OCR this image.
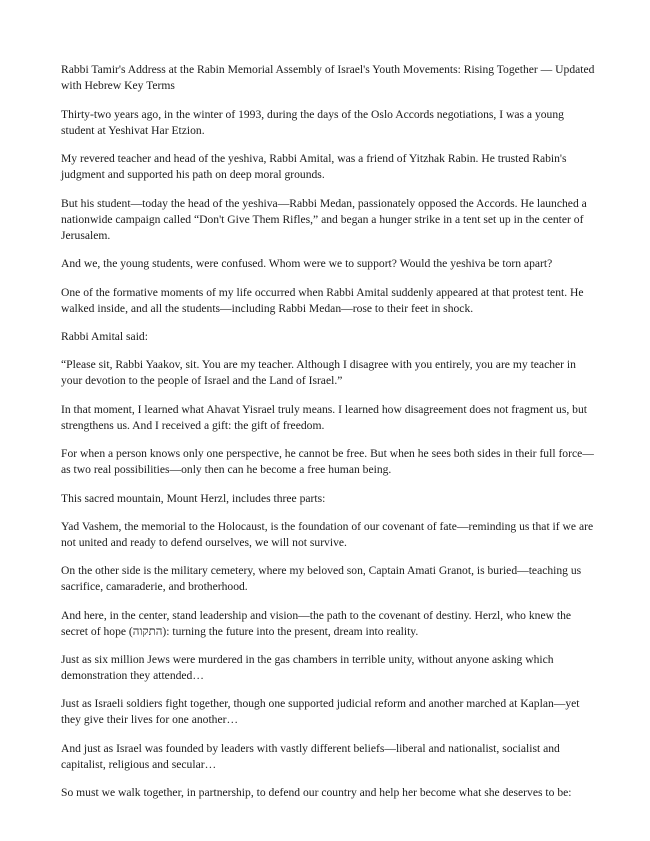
Rabbi Tamir's Address at the Rabin Memorial Assembly of Israel's Youth Movements: Rising Together — Updated with Hebrew Key Terms

Thirty-two years ago, in the winter of 1993, during the days of the Oslo Accords negotiations, I was a young student at Yeshivat Har Etzion.

My revered teacher and head of the yeshiva, Rabbi Amital, was a friend of Yitzhak Rabin. He trusted Rabin's judgment and supported his path on deep moral grounds.

But his student—today the head of the yeshiva—Rabbi Medan, passionately opposed the Accords. He launched a nationwide campaign called “Don't Give Them Rifles,” and began a hunger strike in a tent set up in the center of Jerusalem.

And we, the young students, were confused. Whom were we to support? Would the yeshiva be torn apart?

One of the formative moments of my life occurred when Rabbi Amital suddenly appeared at that protest tent. He walked inside, and all the students—including Rabbi Medan—rose to their feet in shock.

Rabbi Amital said:

“Please sit, Rabbi Yaakov, sit. You are my teacher. Although I disagree with you entirely, you are my teacher in your devotion to the people of Israel and the Land of Israel.”

In that moment, I learned what Ahavat Yisrael truly means. I learned how disagreement does not fragment us, but strengthens us. And I received a gift: the gift of freedom.

For when a person knows only one perspective, he cannot be free. But when he sees both sides in their full force—as two real possibilities—only then can he become a free human being.

This sacred mountain, Mount Herzl, includes three parts:

Yad Vashem, the memorial to the Holocaust, is the foundation of our covenant of fate—reminding us that if we are not united and ready to defend ourselves, we will not survive.

On the other side is the military cemetery, where my beloved son, Captain Amati Granot, is buried—teaching us sacrifice, camaraderie, and brotherhood.

And here, in the center, stand leadership and vision—the path to the covenant of destiny. Herzl, who knew the secret of hope (התקוה): turning the future into the present, dream into reality.

Just as six million Jews were murdered in the gas chambers in terrible unity, without anyone asking which demonstration they attended…

Just as Israeli soldiers fight together, though one supported judicial reform and another marched at Kaplan—yet they give their lives for one another…

And just as Israel was founded by leaders with vastly different beliefs—liberal and nationalist, socialist and capitalist, religious and secular…

So must we walk together, in partnership, to defend our country and help her become what she deserves to be:
